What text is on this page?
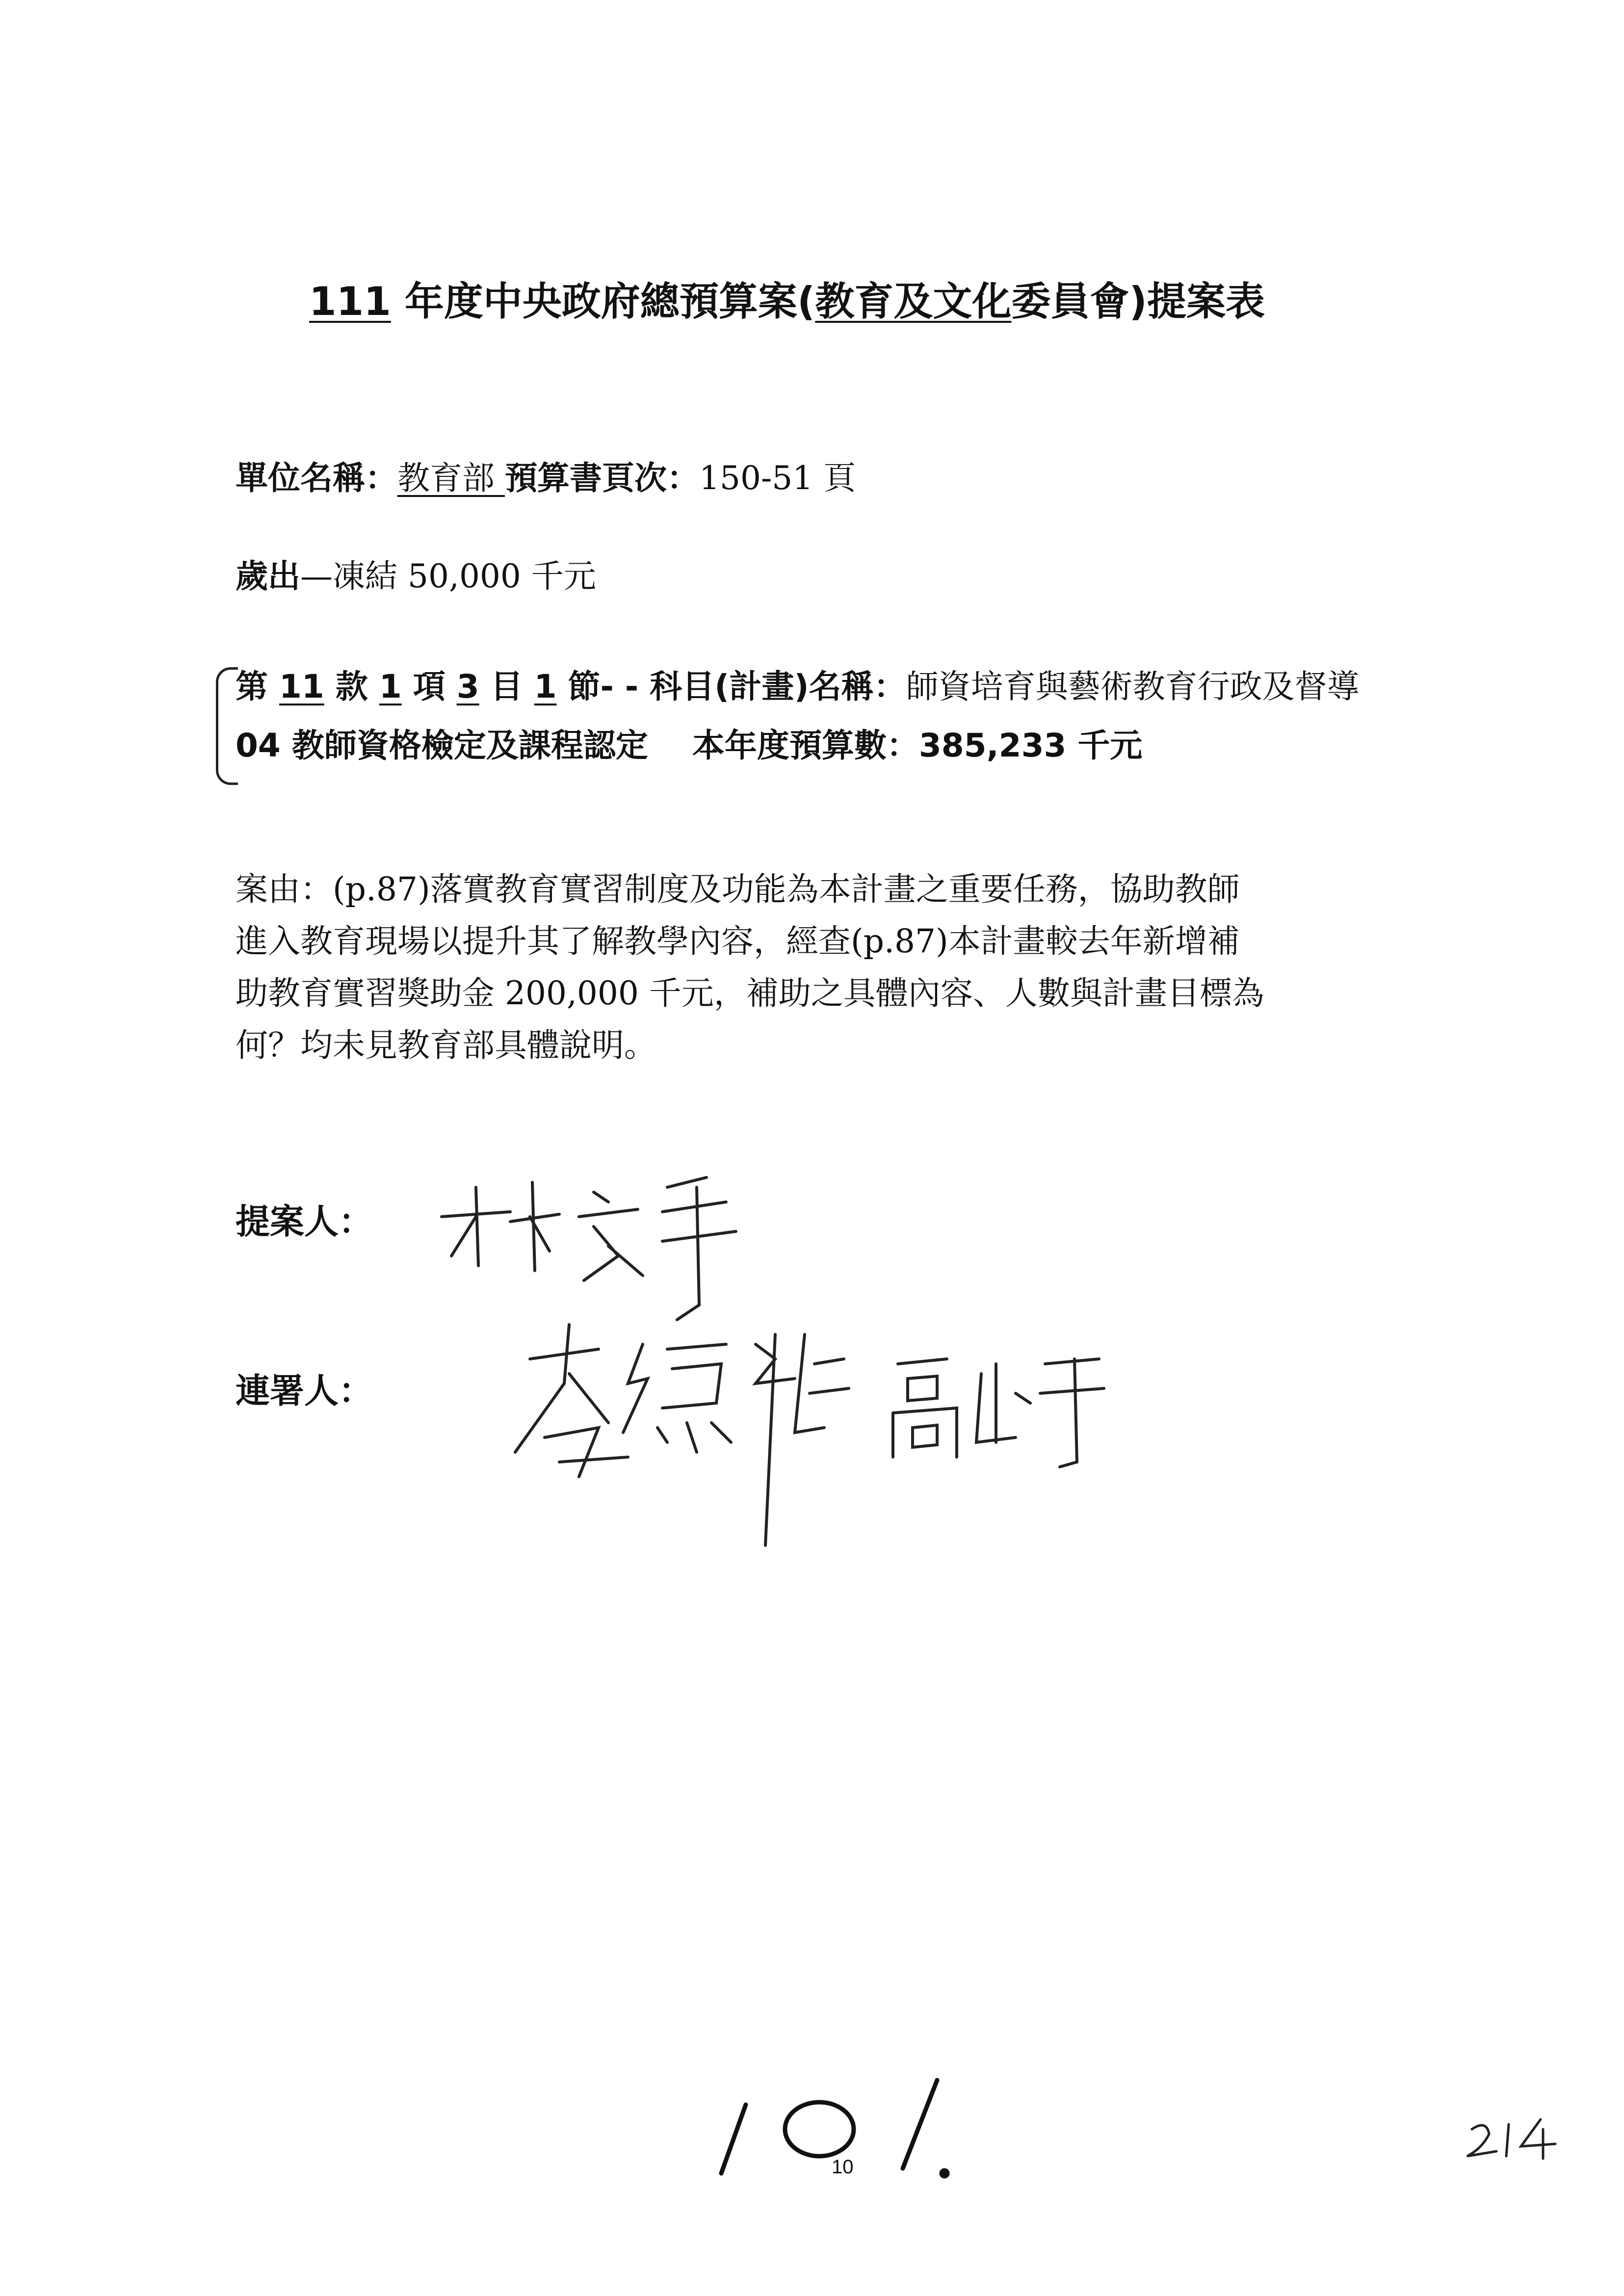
111 年度中央政府總預算案(教育及文化委員會)提案表
單位名稱：教育部 預算書頁次：150-51 頁
歲出—凍結 50,000 千元
第 11 款 1 項 3 目 1 節- - 科目(計畫)名稱：師資培育與藝術教育行政及督導
04 教師資格檢定及課程認定 本年度預算數：385,233 千元
案由：(p.87)落實教育實習制度及功能為本計畫之重要任務，協助教師
進入教育現場以提升其了解教學內容，經查(p.87)本計畫較去年新增補
助教育實習獎助金 200,000 千元，補助之具體內容、人數與計畫目標為
何？均未見教育部具體說明。
提案人：
連署人：
10
